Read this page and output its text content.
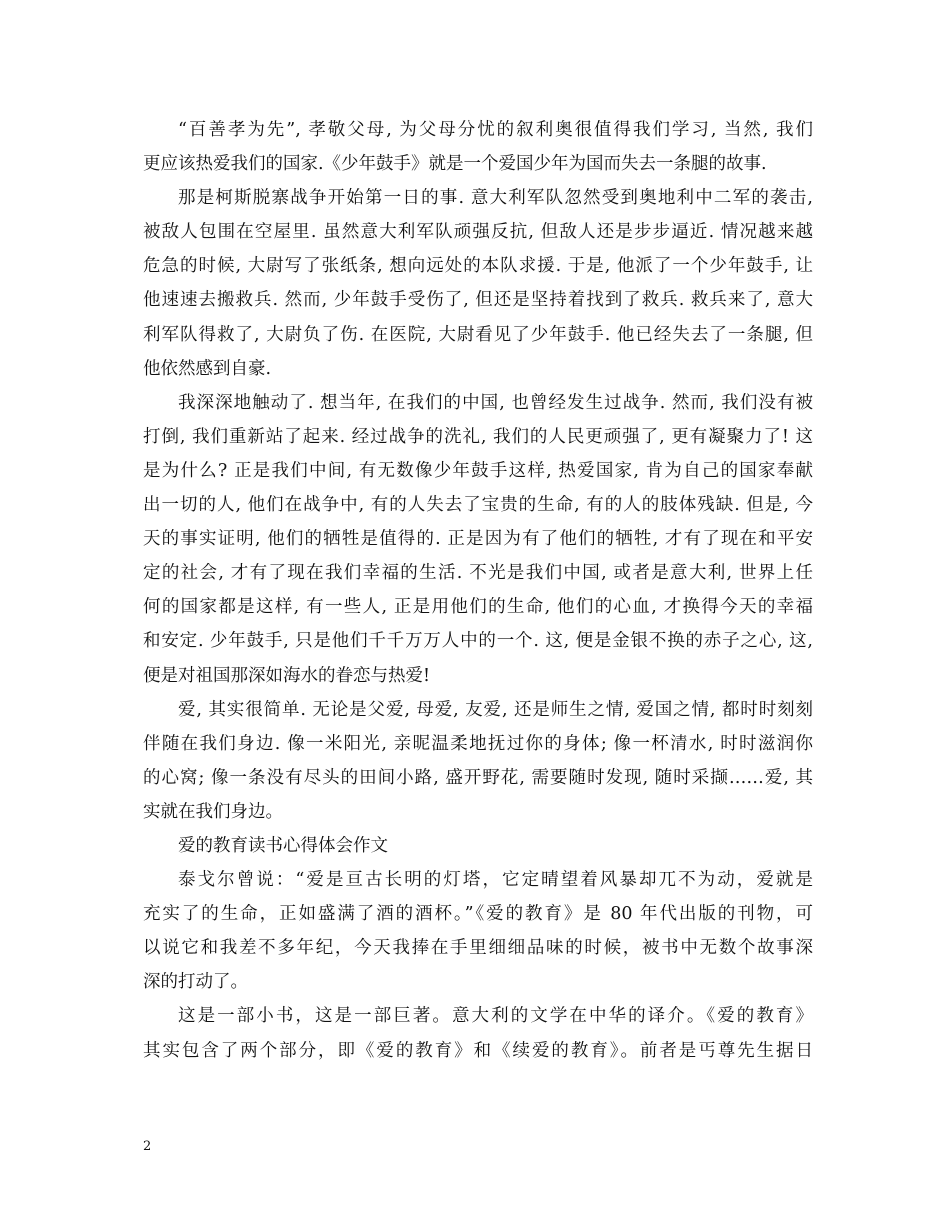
“百善孝为先”, 孝敬父母, 为父母分忧的叙利奥很值得我们学习, 当然, 我们
更应该热爱我们的国家.《少年鼓手》就是一个爱国少年为国而失去一条腿的故事.
那是柯斯脱寨战争开始第一日的事. 意大利军队忽然受到奥地利中二军的袭击,
被敌人包围在空屋里. 虽然意大利军队顽强反抗, 但敌人还是步步逼近. 情况越来越
危急的时候, 大尉写了张纸条, 想向远处的本队求援. 于是, 他派了一个少年鼓手, 让
他速速去搬救兵. 然而, 少年鼓手受伤了, 但还是坚持着找到了救兵. 救兵来了, 意大
利军队得救了, 大尉负了伤. 在医院, 大尉看见了少年鼓手. 他已经失去了一条腿, 但
他依然感到自豪.
我深深地触动了. 想当年, 在我们的中国, 也曾经发生过战争. 然而, 我们没有被
打倒, 我们重新站了起来. 经过战争的洗礼, 我们的人民更顽强了, 更有凝聚力了! 这
是为什么? 正是我们中间, 有无数像少年鼓手这样, 热爱国家, 肯为自己的国家奉献
出一切的人, 他们在战争中, 有的人失去了宝贵的生命, 有的人的肢体残缺. 但是, 今
天的事实证明, 他们的牺牲是值得的. 正是因为有了他们的牺牲, 才有了现在和平安
定的社会, 才有了现在我们幸福的生活. 不光是我们中国, 或者是意大利, 世界上任
何的国家都是这样, 有一些人, 正是用他们的生命, 他们的心血, 才换得今天的幸福
和安定. 少年鼓手, 只是他们千千万万人中的一个. 这, 便是金银不换的赤子之心, 这,
便是对祖国那深如海水的眷恋与热爱!
爱, 其实很简单. 无论是父爱, 母爱, 友爱, 还是师生之情, 爱国之情, 都时时刻刻
伴随在我们身边. 像一米阳光, 亲昵温柔地抚过你的身体; 像一杯清水, 时时滋润你
的心窝; 像一条没有尽头的田间小路, 盛开野花, 需要随时发现, 随时采撷……爱, 其
实就在我们身边。
爱的教育读书心得体会作文
泰戈尔曾说：“爱是亘古长明的灯塔，它定晴望着风暴却兀不为动，爱就是
充实了的生命，正如盛满了酒的酒杯。”《爱的教育》是 80 年代出版的刊物，可
以说它和我差不多年纪，今天我捧在手里细细品味的时候，被书中无数个故事深
深的打动了。
这是一部小书，这是一部巨著。意大利的文学在中华的译介。《爱的教育》
其实包含了两个部分，即《爱的教育》和《续爱的教育》。前者是丐尊先生据日
2
